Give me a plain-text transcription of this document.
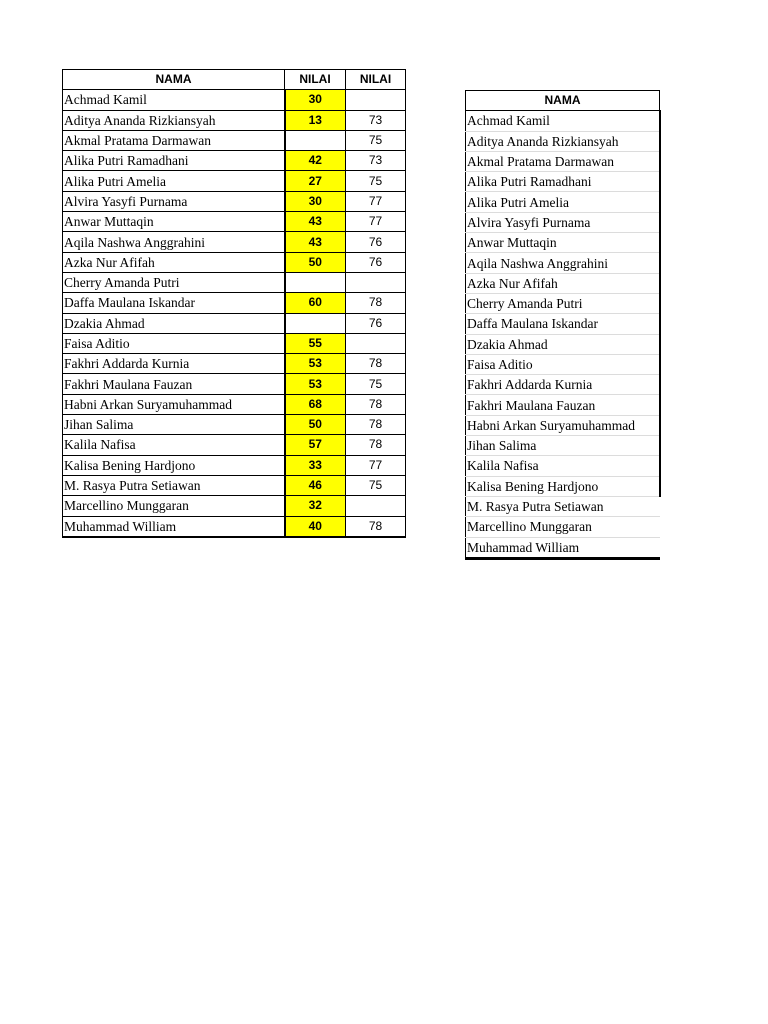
NAMA	NILAI	NILAI
Achmad Kamil	30	
Aditya Ananda Rizkiansyah	13	73
Akmal Pratama Darmawan		75
Alika Putri Ramadhani	42	73
Alika Putri Amelia	27	75
Alvira Yasyfi Purnama	30	77
Anwar Muttaqin	43	77
Aqila Nashwa Anggrahini	43	76
Azka Nur Afifah	50	76
Cherry Amanda Putri		
Daffa Maulana Iskandar	60	78
Dzakia Ahmad		76
Faisa Aditio	55	
Fakhri Addarda Kurnia	53	78
Fakhri Maulana Fauzan	53	75
Habni Arkan Suryamuhammad	68	78
Jihan Salima	50	78
Kalila Nafisa	57	78
Kalisa Bening Hardjono	33	77
M. Rasya Putra Setiawan	46	75
Marcellino Munggaran	32	
Muhammad William	40	78
NAMA
Achmad Kamil
Aditya Ananda Rizkiansyah
Akmal Pratama Darmawan
Alika Putri Ramadhani
Alika Putri Amelia
Alvira Yasyfi Purnama
Anwar Muttaqin
Aqila Nashwa Anggrahini
Azka Nur Afifah
Cherry Amanda Putri
Daffa Maulana Iskandar
Dzakia Ahmad
Faisa Aditio
Fakhri Addarda Kurnia
Fakhri Maulana Fauzan
Habni Arkan Suryamuhammad
Jihan Salima
Kalila Nafisa
Kalisa Bening Hardjono
M. Rasya Putra Setiawan
Marcellino Munggaran
Muhammad William
